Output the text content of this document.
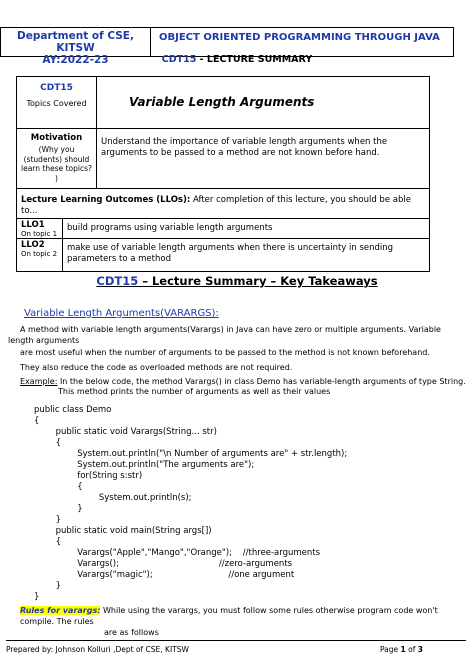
Department of CSE, KITSW
AY:2022-23
OBJECT ORIENTED PROGRAMMING THROUGH JAVA
CDT15 - LECTURE SUMMARY
CDT15
Topics Covered	Variable Length Arguments
Motivation
(Why you (students) should learn these topics? )
Understand the importance of variable length arguments when the arguments to be passed to a method are not known before hand.
Lecture Learning Outcomes (LLOs): After completion of this lecture, you should be able to...
LLO1
On topic 1
build programs using variable length arguments
LLO2
On topic 2
make use of variable length arguments when there is uncertainty in sending parameters to a method
CDT15 – Lecture Summary – Key Takeaways
Variable Length Arguments(VARARGS):
A method with variable length arguments(Varargs) in Java can have zero or multiple arguments. Variable length arguments
are most useful when the number of arguments to be passed to the method is not known beforehand.
They also reduce the code as overloaded methods are not required.
Example: In the below code, the method Varargs() in class Demo has variable-length arguments of type String.
This method prints the number of arguments as well as their values
public class Demo
{
public static void Varargs(String... str)
{
System.out.println("\n Number of arguments are" + str.length);
System.out.println("The arguments are");
for(String s:str)
{
System.out.println(s);
}
}
public static void main(String args[])
{
Varargs("Apple","Mango","Orange");    //three-arguments
Varargs();                                     //zero-arguments
Varargs("magic");                            //one argument
}
}
Rules for varargs: While using the varargs, you must follow some rules otherwise program code won't compile. The rules
are as follows
Prepared by: Johnson Kolluri ,Dept of CSE, KITSW	Page 1 of 3
